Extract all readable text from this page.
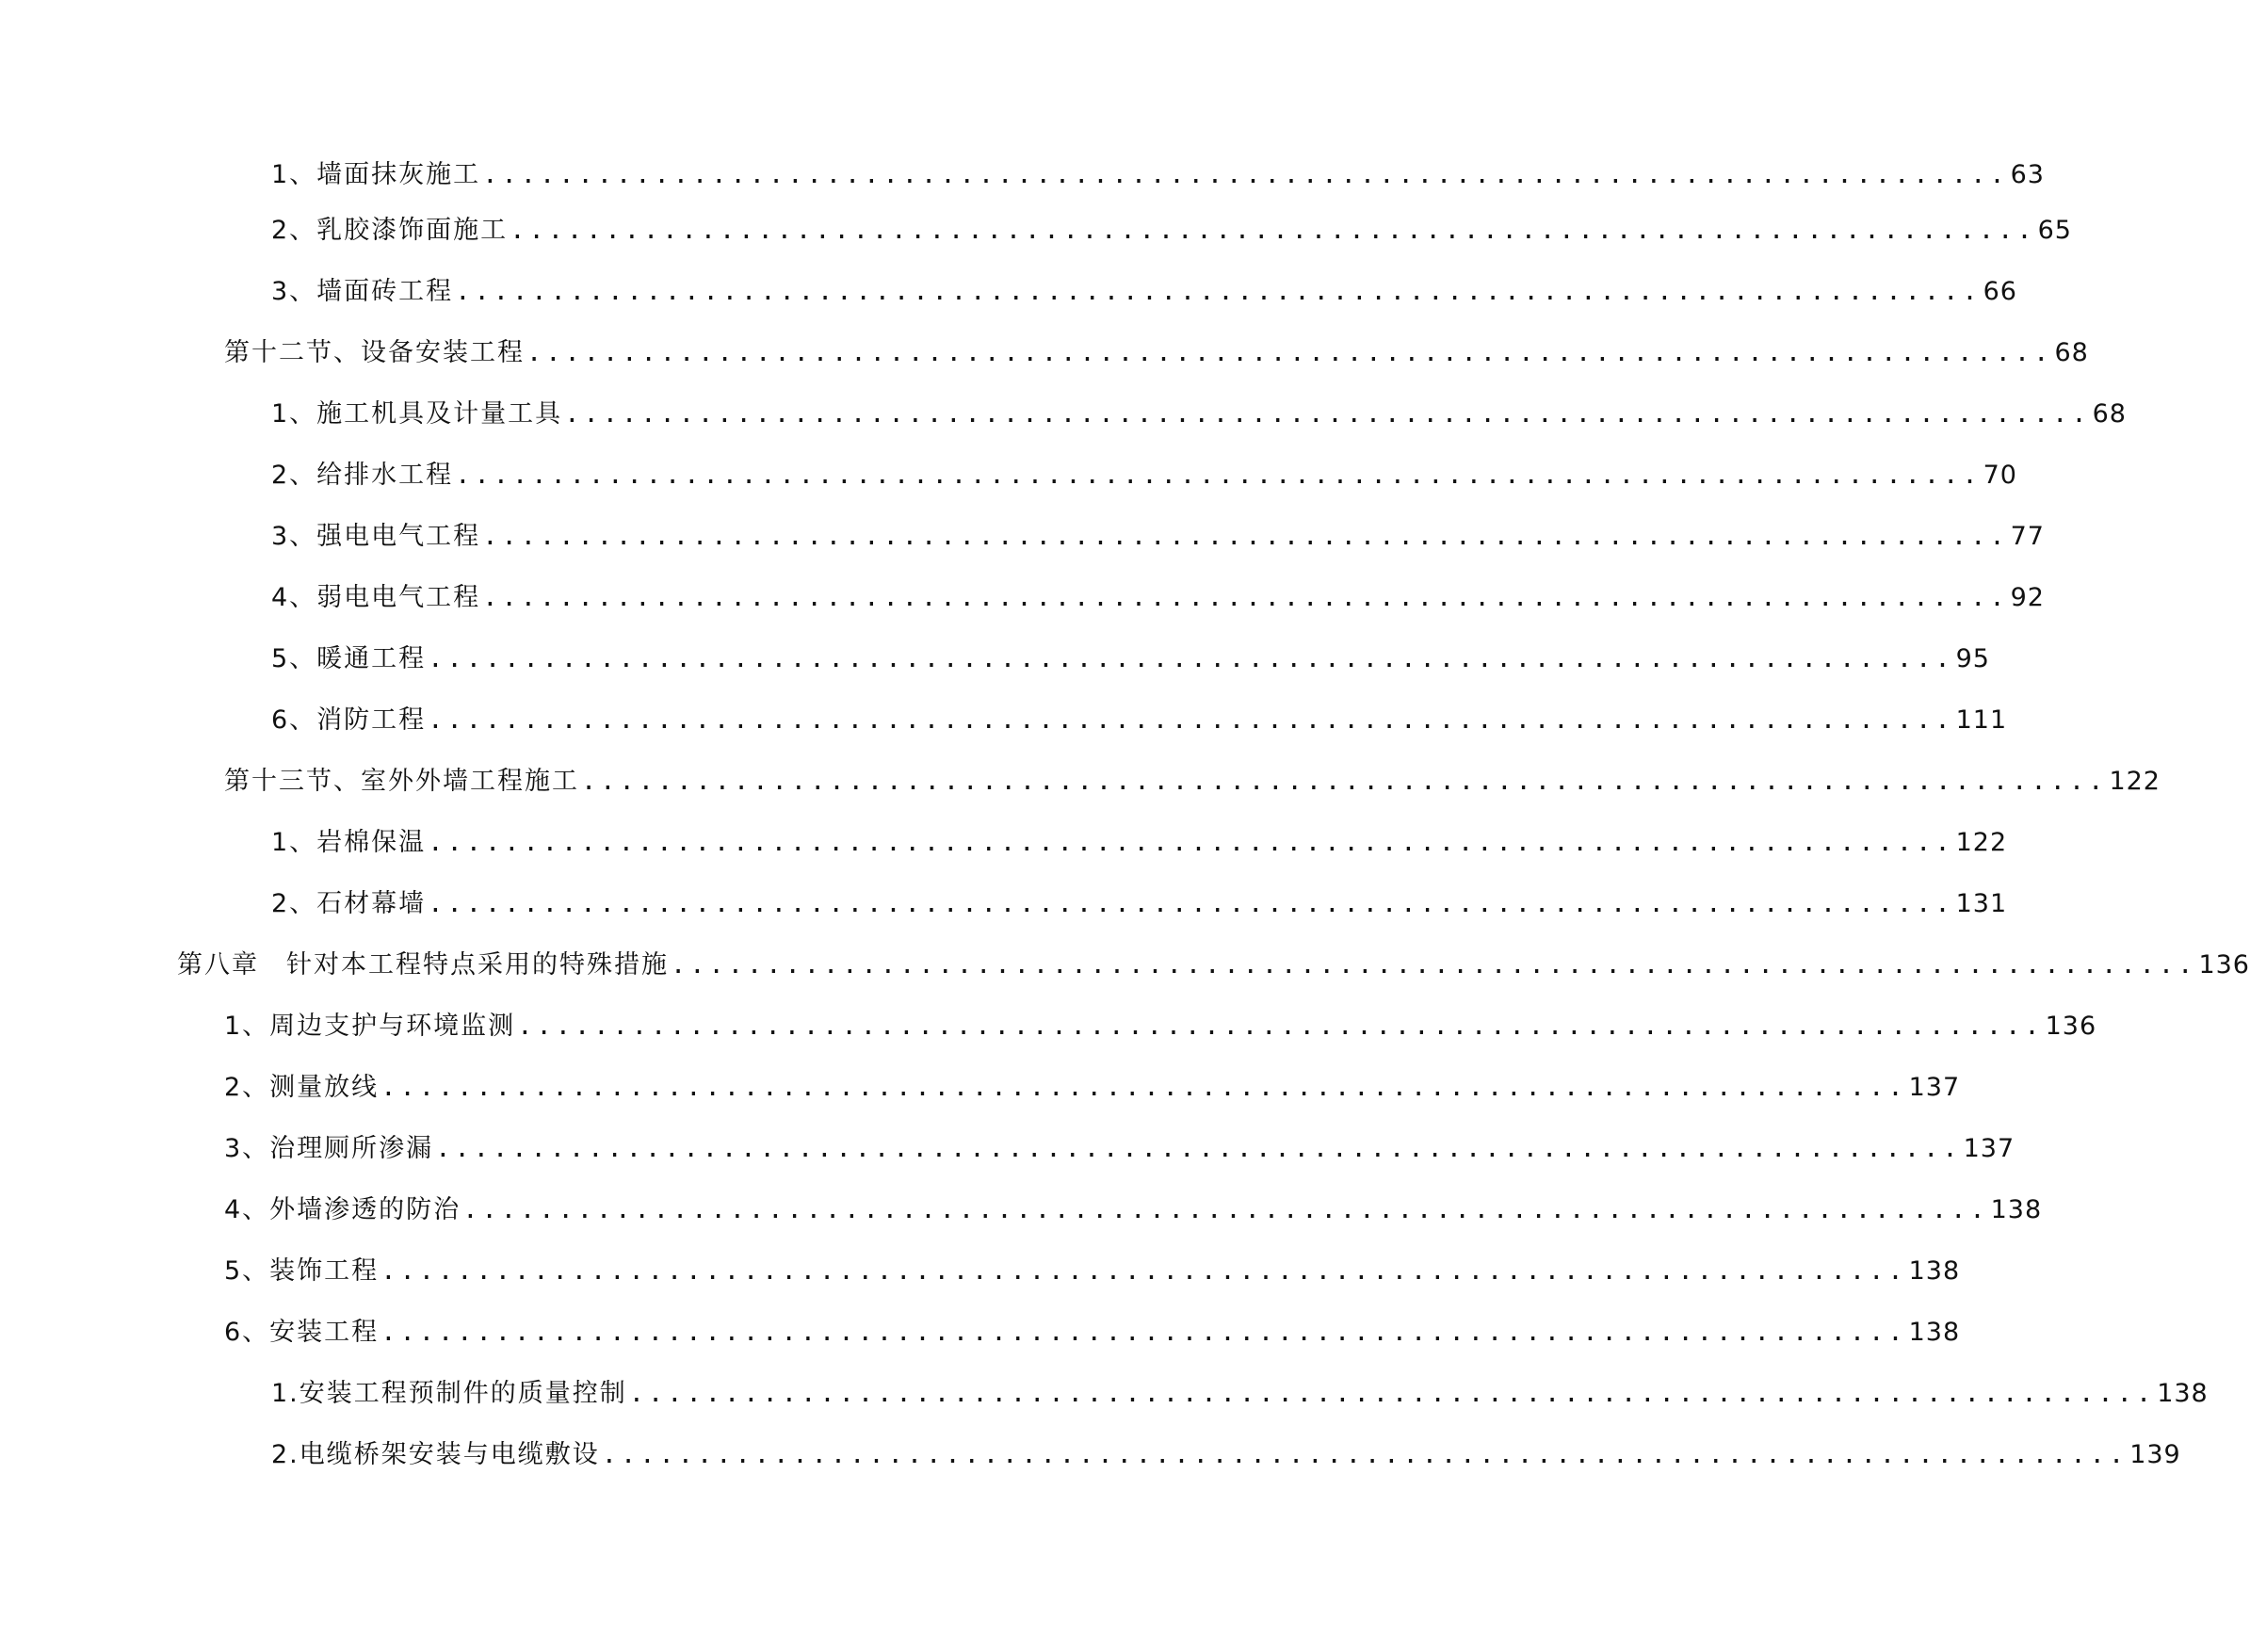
1、墙面抹灰施工 ................................................................................ 63
2、乳胶漆饰面施工 ................................................................................ 65
3、墙面砖工程 ................................................................................ 66
第十二节、设备安装工程 ................................................................................ 68
1、施工机具及计量工具 ................................................................................ 68
2、给排水工程 ................................................................................ 70
3、强电电气工程 ................................................................................ 77
4、弱电电气工程 ................................................................................ 92
5、暖通工程 ................................................................................ 95
6、消防工程 ................................................................................ 111
第十三节、室外外墙工程施工 ................................................................................ 122
1、岩棉保温 ................................................................................ 122
2、石材幕墙 ................................................................................ 131
第八章　针对本工程特点采用的特殊措施 ................................................................................ 136
1、周边支护与环境监测 ................................................................................ 136
2、测量放线 ................................................................................ 137
3、治理厕所渗漏 ................................................................................ 137
4、外墙渗透的防治 ................................................................................ 138
5、装饰工程 ................................................................................ 138
6、安装工程 ................................................................................ 138
1.安装工程预制件的质量控制 ................................................................................ 138
2.电缆桥架安装与电缆敷设 ................................................................................ 139
